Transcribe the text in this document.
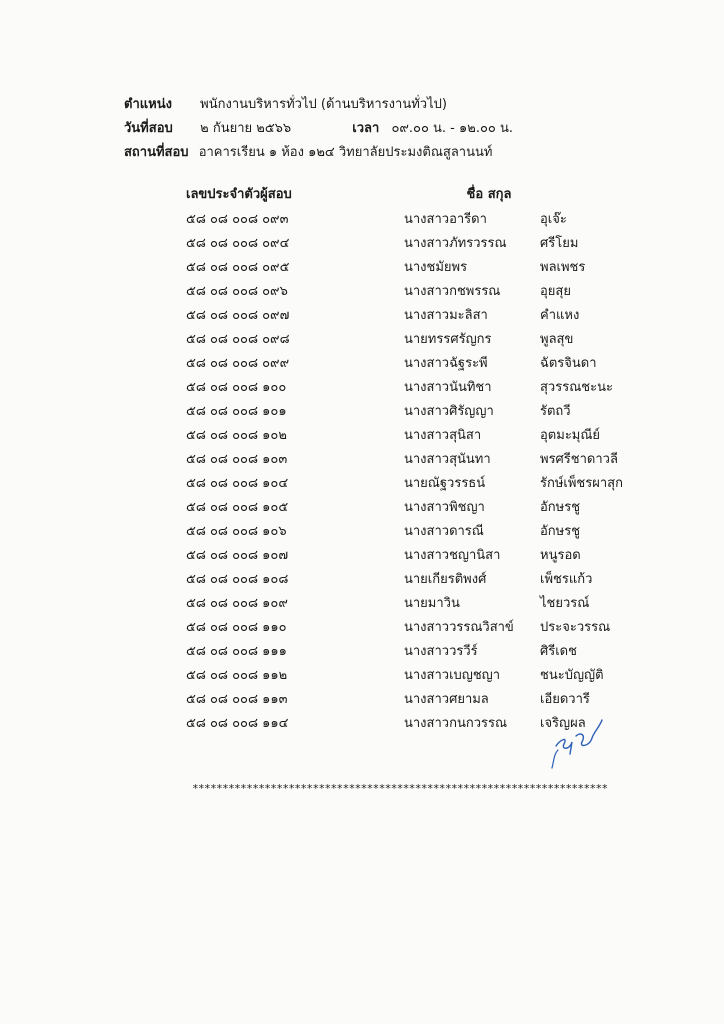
ตำแหน่ง พนักงานบริหารทั่วไป (ด้านบริหารงานทั่วไป)
วันที่สอบ ๒ กันยาย ๒๕๖๖	เวลา ๐๙.๐๐ น. - ๑๒.๐๐ น.
สถานที่สอบ อาคารเรียน ๑ ห้อง ๑๒๔ วิทยาลัยประมงติณสูลานนท์
เลขประจำตัวผู้สอบ	ชื่อ สกุล
๕๘ ๐๘ ๐๐๘ ๐๙๓	นางสาวอารีดา	อุเจ๊ะ
๕๘ ๐๘ ๐๐๘ ๐๙๔	นางสาวภัทรวรรณ	ศรีโยม
๕๘ ๐๘ ๐๐๘ ๐๙๕	นางชมัยพร	พลเพชร
๕๘ ๐๘ ๐๐๘ ๐๙๖	นางสาวกชพรรณ	อุยสุย
๕๘ ๐๘ ๐๐๘ ๐๙๗	นางสาวมะลิสา	คำแหง
๕๘ ๐๘ ๐๐๘ ๐๙๘	นายทรรศรัญกร	พูลสุข
๕๘ ๐๘ ๐๐๘ ๐๙๙	นางสาวฉัฐระพี	ฉัตรจินดา
๕๘ ๐๘ ๐๐๘ ๑๐๐	นางสาวนันทิชา	สุวรรณชะนะ
๕๘ ๐๘ ๐๐๘ ๑๐๑	นางสาวศิรัญญา	รัตถวี
๕๘ ๐๘ ๐๐๘ ๑๐๒	นางสาวสุนิสา	อุตมะมุณีย์
๕๘ ๐๘ ๐๐๘ ๑๐๓	นางสาวสุนันทา	พรศรีชาดาวลี
๕๘ ๐๘ ๐๐๘ ๑๐๔	นายณัฐวรรธน์	รักษ์เพ็ชรผาสุก
๕๘ ๐๘ ๐๐๘ ๑๐๕	นางสาวพิชญา	อักษรชู
๕๘ ๐๘ ๐๐๘ ๑๐๖	นางสาวดารณี	อักษรชู
๕๘ ๐๘ ๐๐๘ ๑๐๗	นางสาวชญานิสา	หนูรอด
๕๘ ๐๘ ๐๐๘ ๑๐๘	นายเกียรติพงศ์	เพ็ชรแก้ว
๕๘ ๐๘ ๐๐๘ ๑๐๙	นายมาวิน	ไชยวรณ์
๕๘ ๐๘ ๐๐๘ ๑๑๐	นางสาววรรณวิสาข์ ประจะวรรณ
๕๘ ๐๘ ๐๐๘ ๑๑๑	นางสาววรวีร์	ศิรีเดช
๕๘ ๐๘ ๐๐๘ ๑๑๒	นางสาวเบญชญา	ชนะบัญญัติ
๕๘ ๐๘ ๐๐๘ ๑๑๓	นางสาวศยามล	เอียดวารี
๕๘ ๐๘ ๐๐๘ ๑๑๔	นางสาวกนกวรรณ	เจริญผล
*********************************************************************
